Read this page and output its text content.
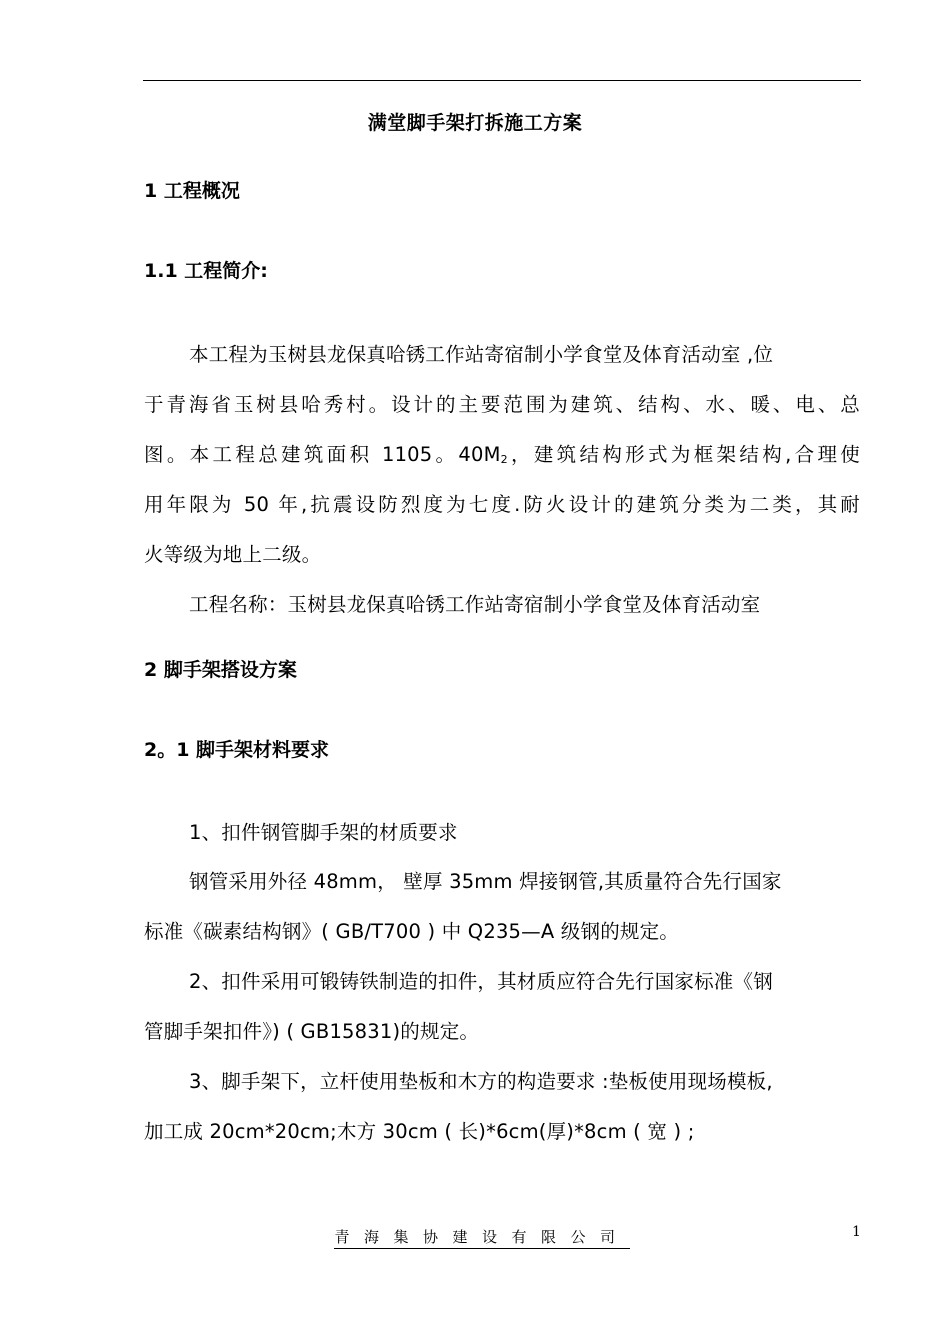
满堂脚手架打拆施工方案
1 工程概况
1.1 工程简介:
本工程为玉树县龙保真哈锈工作站寄宿制小学食堂及体育活动室 ,位
于青海省玉树县哈秀村。设计的主要范围为建筑、结构、水、暖、电、总
图。本工程总建筑面积 1105。$40M_2$，建筑结构形式为框架结构,合理使
用年限为 50 年,抗震设防烈度为七度.防火设计的建筑分类为二类，其耐
火等级为地上二级。
工程名称：玉树县龙保真哈锈工作站寄宿制小学食堂及体育活动室
2 脚手架搭设方案
2。1 脚手架材料要求
1、扣件钢管脚手架的材质要求
钢管采用外径 48mm， 壁厚 35mm 焊接钢管,其质量符合先行国家
标准《碳素结构钢》( GB/T700 ) 中 Q235—A 级钢的规定。
2、扣件采用可锻铸铁制造的扣件，其材质应符合先行国家标准《钢
管脚手架扣件》) ( GB15831)的规定。
3、脚手架下，立杆使用垫板和木方的构造要求 :垫板使用现场模板,
加工成 20cm*20cm;木方 30cm ( 长)*6cm(厚)*8cm ( 宽 ) ;
青海集协建设有限公司	1
